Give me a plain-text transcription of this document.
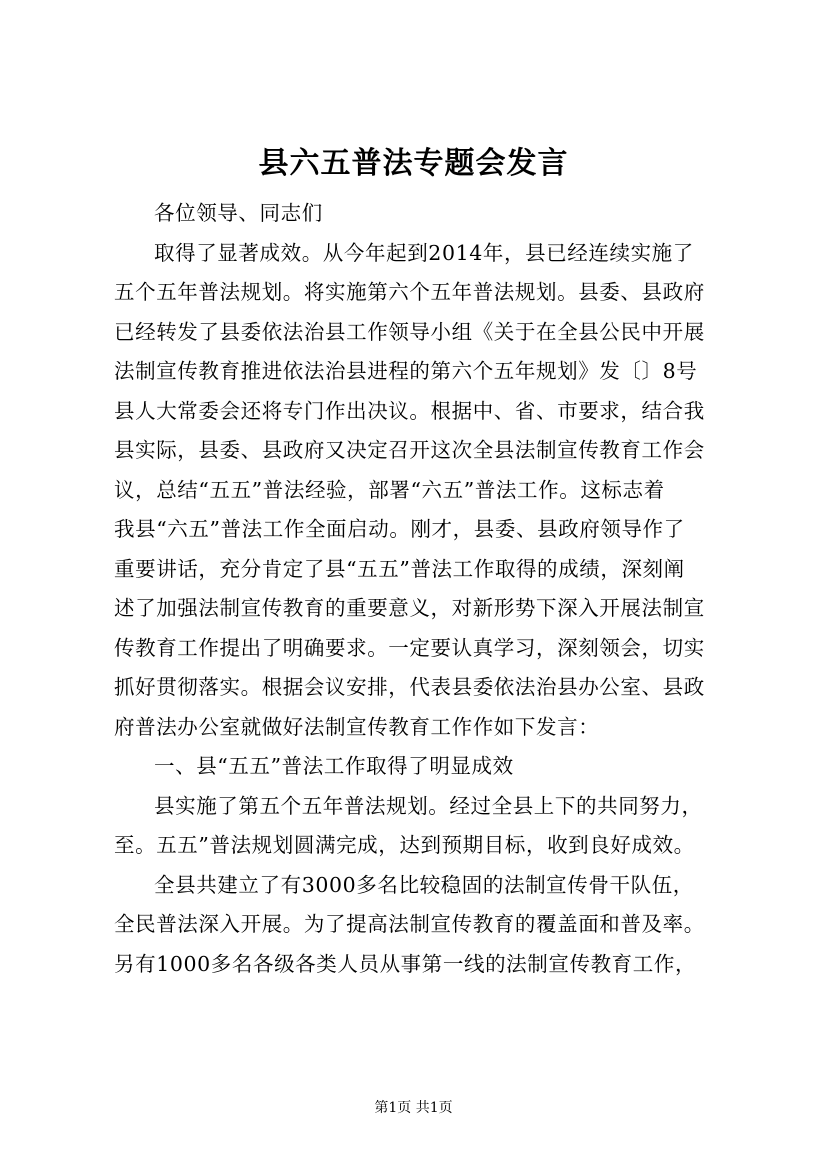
县六五普法专题会发言
各位领导、同志们
取得了显著成效。从今年起到2014年，县已经连续实施了
五个五年普法规划。将实施第六个五年普法规划。县委、县政府
已经转发了县委依法治县工作领导小组《关于在全县公民中开展
法制宣传教育推进依法治县进程的第六个五年规划》发〔〕8号
县人大常委会还将专门作出决议。根据中、省、市要求，结合我
县实际，县委、县政府又决定召开这次全县法制宣传教育工作会
议，总结“五五”普法经验，部署“六五”普法工作。这标志着
我县“六五”普法工作全面启动。刚才，县委、县政府领导作了
重要讲话，充分肯定了县“五五”普法工作取得的成绩，深刻阐
述了加强法制宣传教育的重要意义，对新形势下深入开展法制宣
传教育工作提出了明确要求。一定要认真学习，深刻领会，切实
抓好贯彻落实。根据会议安排，代表县委依法治县办公室、县政
府普法办公室就做好法制宣传教育工作作如下发言：
一、县“五五”普法工作取得了明显成效
县实施了第五个五年普法规划。经过全县上下的共同努力，
至。五五”普法规划圆满完成，达到预期目标，收到良好成效。
全县共建立了有3000多名比较稳固的法制宣传骨干队伍，
全民普法深入开展。为了提高法制宣传教育的覆盖面和普及率。
另有1000多名各级各类人员从事第一线的法制宣传教育工作，
第1页 共1页
